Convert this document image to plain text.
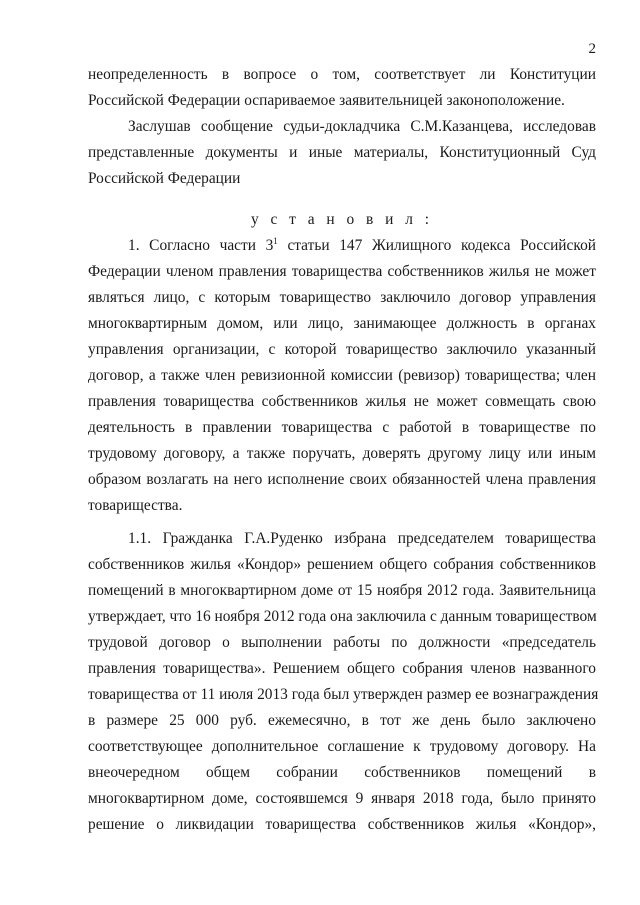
2
неопределенность в вопросе о том, соответствует ли Конституции
Российской Федерации оспариваемое заявительницей законоположение.
Заслушав сообщение судьи-докладчика С.М.Казанцева, исследовав
представленные документы и иные материалы, Конституционный Суд
Российской Федерации
у с т а н о в и л :
1. Согласно части $3^1$ статьи 147 Жилищного кодекса Российской
Федерации членом правления товарищества собственников жилья не может
являться лицо, с которым товарищество заключило договор управления
многоквартирным домом, или лицо, занимающее должность в органах
управления организации, с которой товарищество заключило указанный
договор, а также член ревизионной комиссии (ревизор) товарищества; член
правления товарищества собственников жилья не может совмещать свою
деятельность в правлении товарищества с работой в товариществе по
трудовому договору, а также поручать, доверять другому лицу или иным
образом возлагать на него исполнение своих обязанностей члена правления
товарищества.
1.1. Гражданка Г.А.Руденко избрана председателем товарищества
собственников жилья «Кондор» решением общего собрания собственников
помещений в многоквартирном доме от 15 ноября 2012 года. Заявительница
утверждает, что 16 ноября 2012 года она заключила с данным товариществом
трудовой договор о выполнении работы по должности «председатель
правления товарищества». Решением общего собрания членов названного
товарищества от 11 июля 2013 года был утвержден размер ее вознаграждения
в размере 25 000 руб. ежемесячно, в тот же день было заключено
соответствующее дополнительное соглашение к трудовому договору. На
внеочередном общем собрании собственников помещений в
многоквартирном доме, состоявшемся 9 января 2018 года, было принято
решение о ликвидации товарищества собственников жилья «Кондор»,
